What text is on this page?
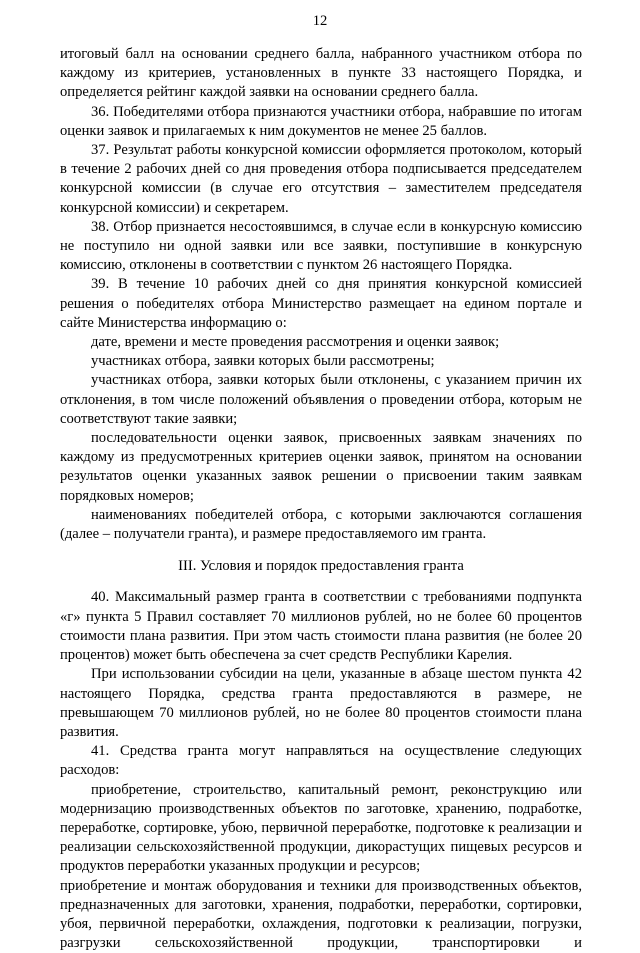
12

итоговый балл на основании среднего балла, набранного участником отбора по каждому из критериев, установленных в пункте 33 настоящего Порядка, и определяется рейтинг каждой заявки на основании среднего балла.

36. Победителями отбора признаются участники отбора, набравшие по итогам оценки заявок и прилагаемых к ним документов не менее 25 баллов.

37. Результат работы конкурсной комиссии оформляется протоколом, который в течение 2 рабочих дней со дня проведения отбора подписывается председателем конкурсной комиссии (в случае его отсутствия – заместителем председателя конкурсной комиссии) и секретарем.

38. Отбор признается несостоявшимся, в случае если в конкурсную комиссию не поступило ни одной заявки или все заявки, поступившие в конкурсную комиссию, отклонены в соответствии с пунктом 26 настоящего Порядка.

39. В течение 10 рабочих дней со дня принятия конкурсной комиссией решения о победителях отбора Министерство размещает на едином портале и сайте Министерства информацию о:

дате, времени и месте проведения рассмотрения и оценки заявок;

участниках отбора, заявки которых были рассмотрены;

участниках отбора, заявки которых были отклонены, с указанием причин их отклонения, в том числе положений объявления о проведении отбора, которым не соответствуют такие заявки;

последовательности оценки заявок, присвоенных заявкам значениях по каждому из предусмотренных критериев оценки заявок, принятом на основании результатов оценки указанных заявок решении о присвоении таким заявкам порядковых номеров;

наименованиях победителей отбора, с которыми заключаются соглашения (далее – получатели гранта), и размере предоставляемого им гранта.

III. Условия и порядок предоставления гранта

40. Максимальный размер гранта в соответствии с требованиями подпункта «г» пункта 5 Правил составляет 70 миллионов рублей, но не более 60 процентов стоимости плана развития. При этом часть стоимости плана развития (не более 20 процентов) может быть обеспечена за счет средств Республики Карелия.

При использовании субсидии на цели, указанные в абзаце шестом пункта 42 настоящего Порядка, средства гранта предоставляются в размере, не превышающем 70 миллионов рублей, но не более 80 процентов стоимости плана развития.

41. Средства гранта могут направляться на осуществление следующих расходов:

приобретение, строительство, капитальный ремонт, реконструкцию или модернизацию производственных объектов по заготовке, хранению, подработке, переработке, сортировке, убою, первичной переработке, подготовке к реализации и реализации сельскохозяйственной продукции, дикорастущих пищевых ресурсов и продуктов переработки указанных продукции и ресурсов;

приобретение и монтаж оборудования и техники для производственных объектов, предназначенных для заготовки, хранения, подработки, переработки, сортировки, убоя, первичной переработки, охлаждения, подготовки к реализации, погрузки, разгрузки сельскохозяйственной продукции, транспортировки и
